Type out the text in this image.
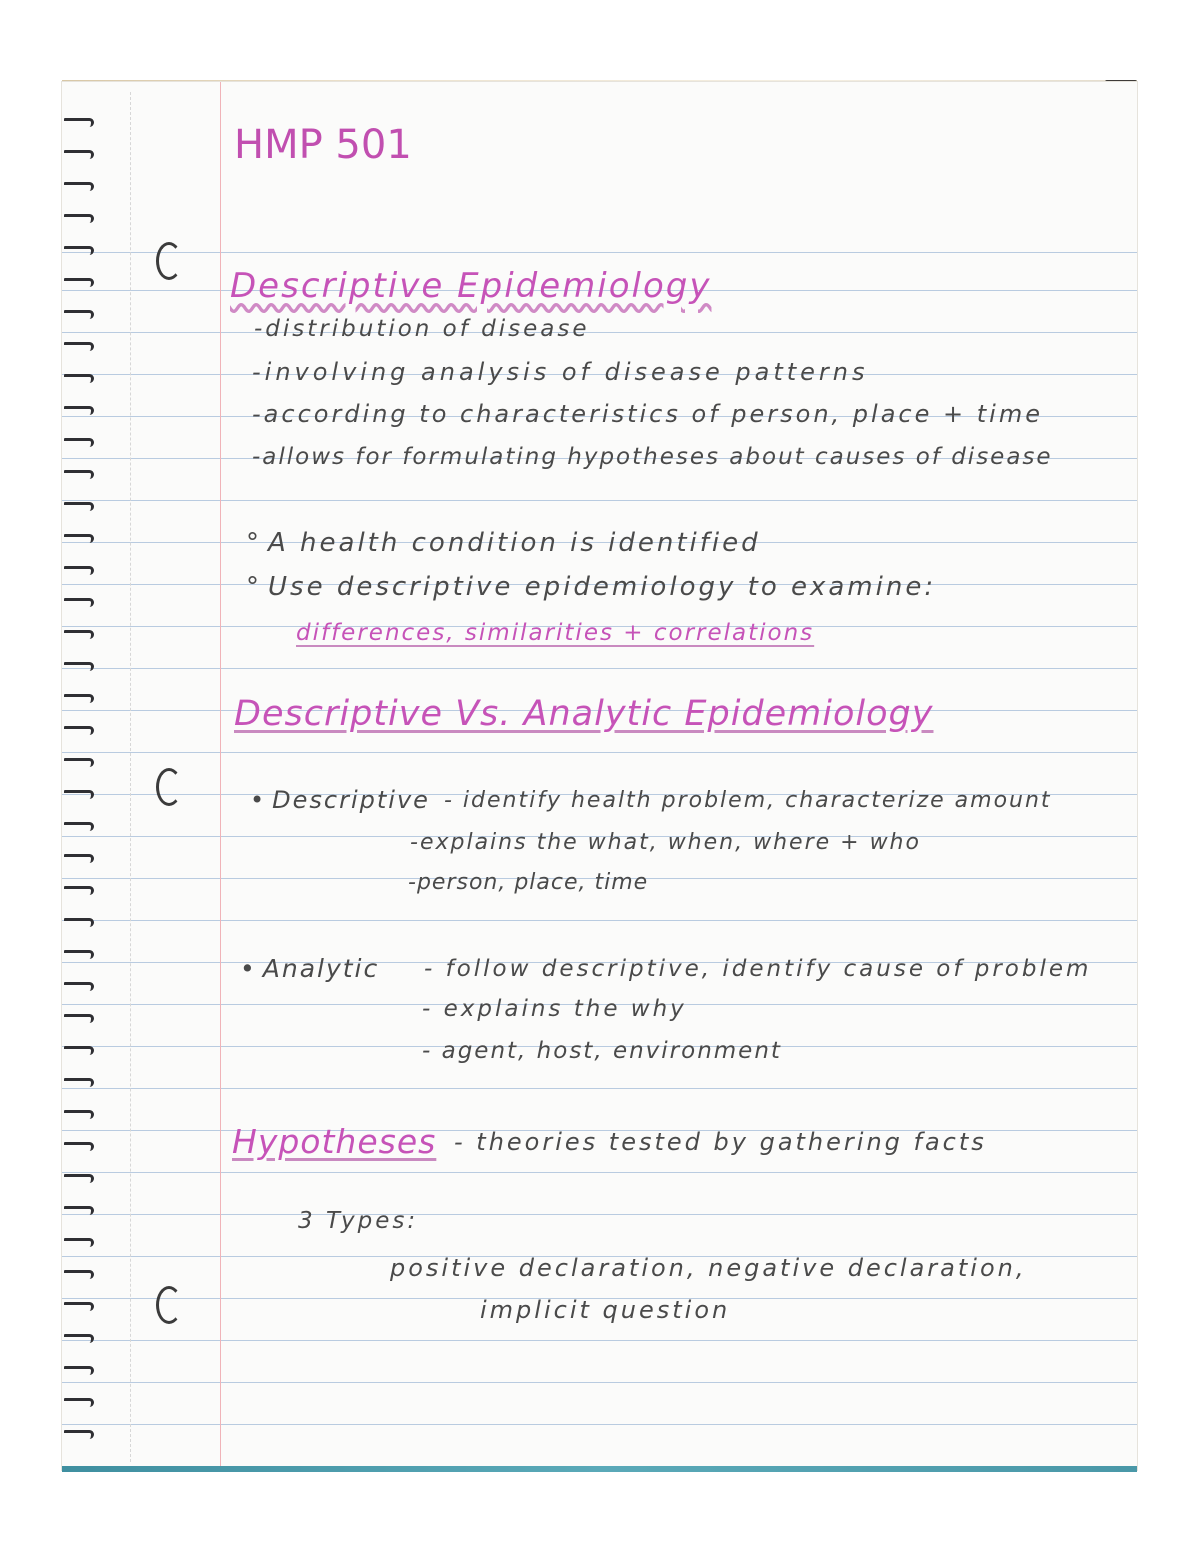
HMP 501
Descriptive Epidemiology
-distribution of disease
-involving analysis of disease patterns
-according to characteristics of person, place + time
-allows for formulating hypotheses about causes of disease
° A health condition is identified
° Use descriptive epidemiology to examine:
differences, similarities + correlations
Descriptive Vs. Analytic Epidemiology
• Descriptive - identify health problem, characterize amount
-explains the what, when, where + who
-person, place, time
• Analytic - follow descriptive, identify cause of problem
- explains the why
- agent, host, environment
Hypotheses - theories tested by gathering facts
3 Types:
positive declaration, negative declaration,
implicit question
